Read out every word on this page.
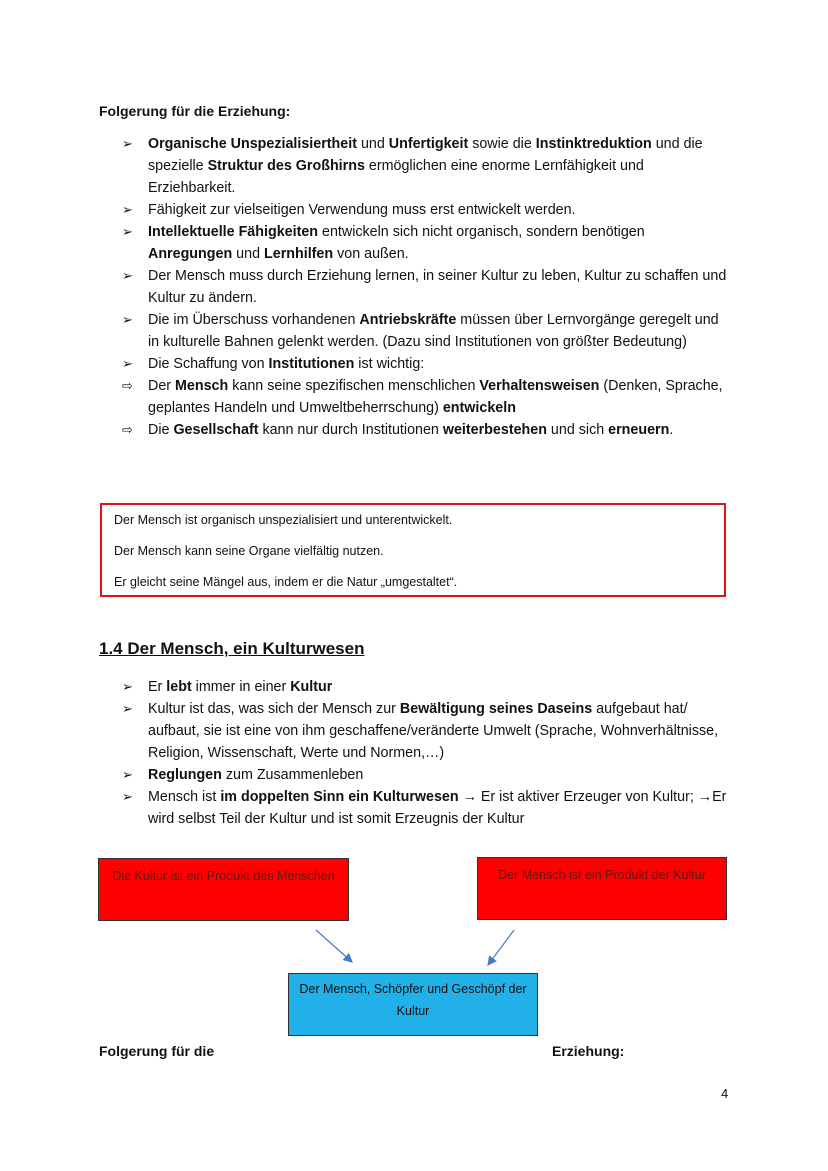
Folgerung für die Erziehung:
➢	Organische Unspezialisiertheit und Unfertigkeit sowie die Instinktreduktion und die spezielle Struktur des Großhirns ermöglichen eine enorme Lernfähigkeit und Erziehbarkeit.
➢	Fähigkeit zur vielseitigen Verwendung muss erst entwickelt werden.
➢	Intellektuelle Fähigkeiten entwickeln sich nicht organisch, sondern benötigen Anregungen und Lernhilfen von außen.
➢	Der Mensch muss durch Erziehung lernen, in seiner Kultur zu leben, Kultur zu schaffen und Kultur zu ändern.
➢	Die im Überschuss vorhandenen Antriebskräfte müssen über Lernvorgänge geregelt und in kulturelle Bahnen gelenkt werden. (Dazu sind Institutionen von größter Bedeutung)
➢	Die Schaffung von Institutionen ist wichtig:
⇨	Der Mensch kann seine spezifischen menschlichen Verhaltensweisen (Denken, Sprache, geplantes Handeln und Umweltbeherrschung) entwickeln
⇨	Die Gesellschaft kann nur durch Institutionen weiterbestehen und sich erneuern.
Der Mensch ist organisch unspezialisiert und unterentwickelt.
Der Mensch kann seine Organe vielfältig nutzen.
Er gleicht seine Mängel aus, indem er die Natur „umgestaltet“.
1.4 Der Mensch, ein Kulturwesen
➢	Er lebt immer in einer Kultur
➢	Kultur ist das, was sich der Mensch zur Bewältigung seines Daseins aufgebaut hat/ aufbaut, sie ist eine von ihm geschaffene/veränderte Umwelt (Sprache, Wohnverhältnisse, Religion, Wissenschaft, Werte und Normen,…)
➢	Reglungen zum Zusammenleben
➢	Mensch ist im doppelten Sinn ein Kulturwesen → Er ist aktiver Erzeuger von Kultur; →Er wird selbst Teil der Kultur und ist somit Erzeugnis der Kultur
Die Kultur ist ein Produkt des Menschen	Der Mensch ist ein Produkt der Kultur
Der Mensch, Schöpfer und Geschöpf der Kultur
Folgerung für die	Erziehung:
4
